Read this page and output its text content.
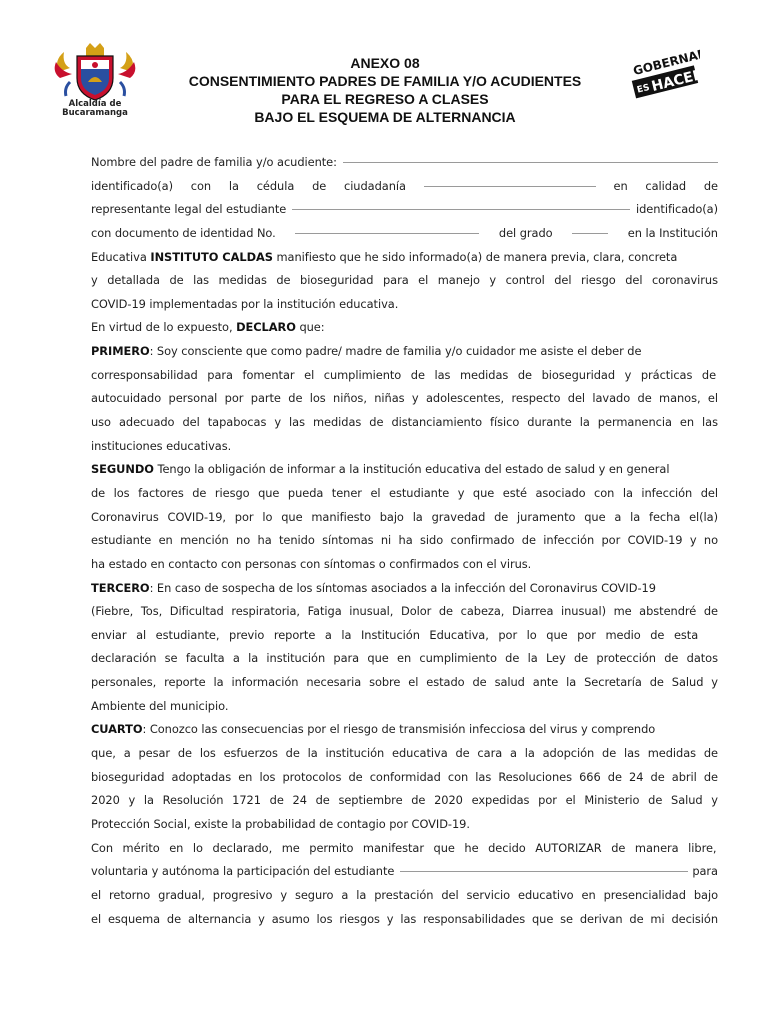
Alcaldía de
Bucaramanga
ANEXO 08
CONSENTIMIENTO PADRES DE FAMILIA Y/O ACUDIENTES
PARA EL REGRESO A CLASES
BAJO EL ESQUEMA DE ALTERNANCIA
GOBERNAR
ES HACER
Nombre del padre de familia y/o acudiente:
identificado(a) con la cédula de ciudadanía	en calidad de
representante legal del estudiante	identificado(a)
con documento de identidad No.	del grado	en la Institución
Educativa INSTITUTO CALDAS manifiesto que he sido informado(a) de manera previa, clara, concreta
y detallada de las medidas de bioseguridad para el manejo y control del riesgo del coronavirus
COVID-19 implementadas por la institución educativa.
En virtud de lo expuesto, DECLARO que:
PRIMERO : Soy consciente que como padre/ madre de familia y/o cuidador me asiste el deber de
corresponsabilidad para fomentar el cumplimiento de las medidas de bioseguridad y prácticas de
autocuidado personal por parte de los niños, niñas y adolescentes, respecto del lavado de manos, el
uso adecuado del tapabocas y las medidas de distanciamiento físico durante la permanencia en las
instituciones educativas.
SEGUNDO Tengo la obligación de informar a la institución educativa del estado de salud y en general
de los factores de riesgo que pueda tener el estudiante y que esté asociado con la infección del
Coronavirus COVID-19, por lo que manifiesto bajo la gravedad de juramento que a la fecha el(la)
estudiante en mención no ha tenido síntomas ni ha sido confirmado de infección por COVID-19 y no
ha estado en contacto con personas con síntomas o confirmados con el virus.
TERCERO : En caso de sospecha de los síntomas asociados a la infección del Coronavirus COVID-19
(Fiebre, Tos, Dificultad respiratoria, Fatiga inusual, Dolor de cabeza, Diarrea inusual) me abstendré de
enviar al estudiante, previo reporte a la Institución Educativa, por lo que por medio de esta
declaración se faculta a la institución para que en cumplimiento de la Ley de protección de datos
personales, reporte la información necesaria sobre el estado de salud ante la Secretaría de Salud y
Ambiente del municipio.
CUARTO : Conozco las consecuencias por el riesgo de transmisión infecciosa del virus y comprendo
que, a pesar de los esfuerzos de la institución educativa de cara a la adopción de las medidas de
bioseguridad adoptadas en los protocolos de conformidad con las Resoluciones 666 de 24 de abril de
2020 y la Resolución 1721 de 24 de septiembre de 2020 expedidas por el Ministerio de Salud y
Protección Social, existe la probabilidad de contagio por COVID-19.
Con mérito en lo declarado, me permito manifestar que he decido AUTORIZAR de manera libre,
voluntaria y autónoma la participación del estudiante	para
el retorno gradual, progresivo y seguro a la prestación del servicio educativo en presencialidad bajo
el esquema de alternancia y asumo los riesgos y las responsabilidades que se derivan de mi decisión
